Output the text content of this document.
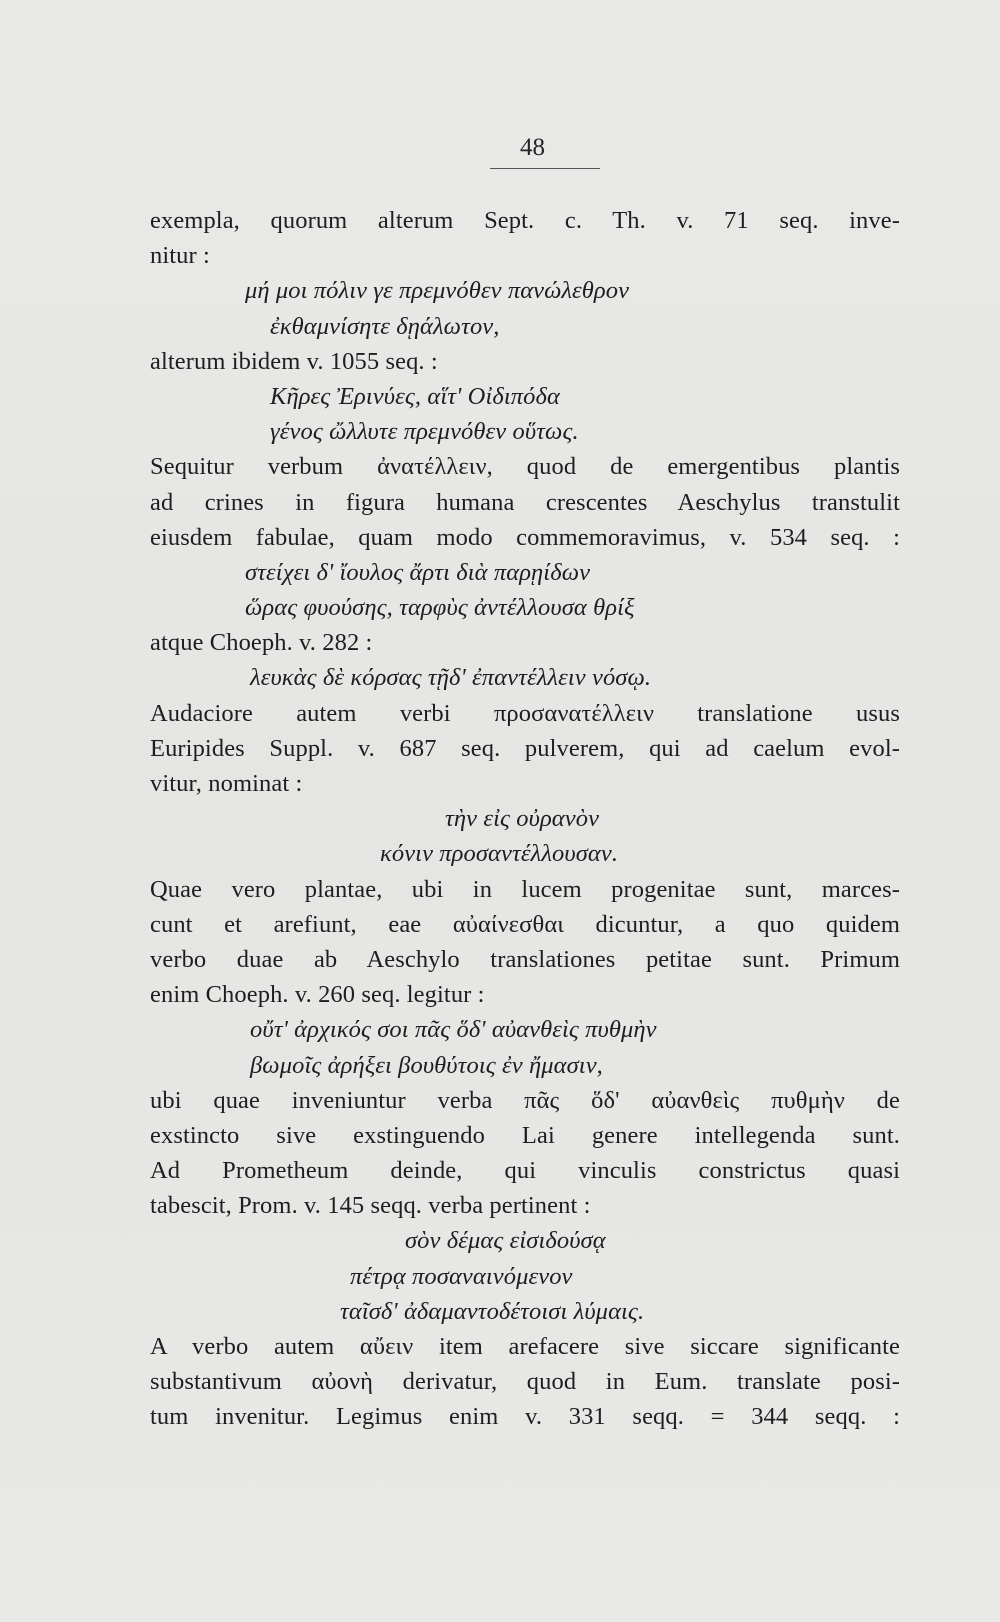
48
exempla, quorum alterum Sept. c. Th. v. 71 seq. inve-
nitur :
μή μοι πόλιν γε πρεμνόθεν πανώλεθρον
ἐκθαμνίσητε δῃάλωτον,
alterum ibidem v. 1055 seq. :
Κῆρες Ἐρινύες, αἵτ' Οἰδιπόδα
γένος ὤλλυτε πρεμνόθεν οὕτως.
Sequitur verbum ἀνατέλλειν, quod de emergentibus plantis
ad crines in figura humana crescentes Aeschylus transtulit
eiusdem fabulae, quam modo commemoravimus, v. 534 seq. :
στείχει δ' ἴουλος ἄρτι διὰ παρῃίδων
ὥρας φυούσης, ταρφὺς ἀντέλλουσα θρίξ
atque Choeph. v. 282 :
λευκὰς δὲ κόρσας τῇδ' ἐπαντέλλειν νόσῳ.
Audaciore autem verbi προσανατέλλειν translatione usus
Euripides Suppl. v. 687 seq. pulverem, qui ad caelum evol-
vitur, nominat :
τὴν εἰς οὐρανὸν
κόνιν προσαντέλλουσαν.
Quae vero plantae, ubi in lucem progenitae sunt, marces-
cunt et arefiunt, eae αὐαίνεσθαι dicuntur, a quo quidem
verbo duae ab Aeschylo translationes petitae sunt. Primum
enim Choeph. v. 260 seq. legitur :
οὔτ' ἀρχικός σοι πᾶς ὅδ' αὐανθεὶς πυθμὴν
βωμοῖς ἀρήξει βουθύτοις ἐν ἤμασιν,
ubi quae inveniuntur verba πᾶς ὅδ' αὐανθεὶς πυθμὴν de
exstincto sive exstinguendo Lai genere intellegenda sunt.
Ad Prometheum deinde, qui vinculis constrictus quasi
tabescit, Prom. v. 145 seqq. verba pertinent :
σὸν δέμας εἰσιδούσᾳ
πέτρᾳ ποσαναινόμενον
ταῖσδ' ἀδαμαντοδέτοισι λύμαις.
A verbo autem αὔειν item arefacere sive siccare significante
substantivum αὐονὴ derivatur, quod in Eum. translate posi-
tum invenitur. Legimus enim v. 331 seqq. = 344 seqq. :
